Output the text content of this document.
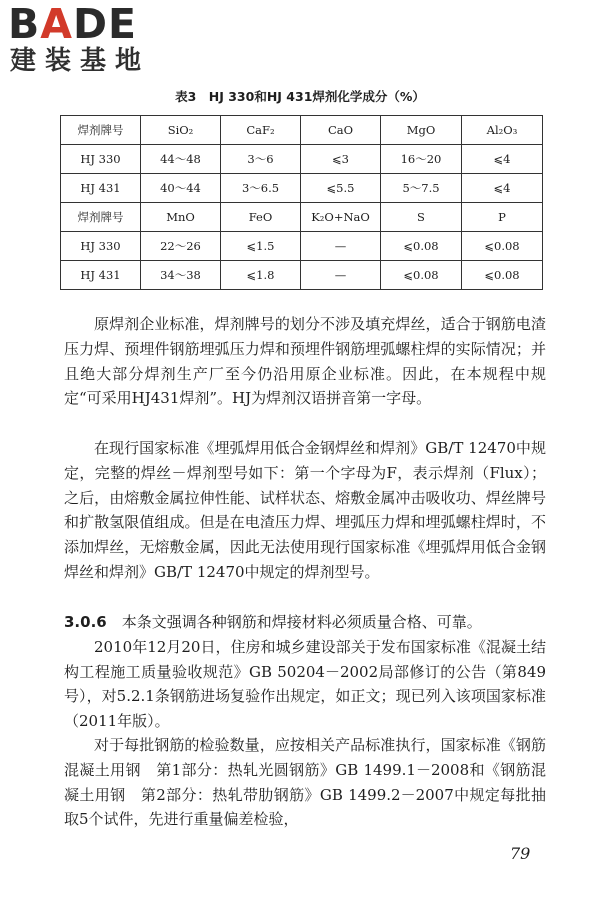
BADE
建装基地
表3　HJ 330和HJ 431焊剂化学成分（%）
焊剂牌号	SiO₂	CaF₂	CaO	MgO	Al₂O₃
HJ 330	44～48	3～6	⩽3	16～20	⩽4
HJ 431	40～44	3～6.5	⩽5.5	5～7.5	⩽4
焊剂牌号	MnO	FeO	K₂O+NaO	S	P
HJ 330	22～26	⩽1.5	—	⩽0.08	⩽0.08
HJ 431	34～38	⩽1.8	—	⩽0.08	⩽0.08

原焊剂企业标准，焊剂牌号的划分不涉及填充焊丝，适合于钢筋电渣压力焊、预埋件钢筋埋弧压力焊和预埋件钢筋埋弧螺柱焊的实际情况；并且绝大部分焊剂生产厂至今仍沿用原企业标准。因此，在本规程中规定“可采用HJ431焊剂”。HJ为焊剂汉语拼音第一字母。

在现行国家标准《埋弧焊用低合金钢焊丝和焊剂》GB/T 12470中规定，完整的焊丝－焊剂型号如下：第一个字母为F，表示焊剂（Flux）；之后，由熔敷金属拉伸性能、试样状态、熔敷金属冲击吸收功、焊丝牌号和扩散氢限值组成。但是在电渣压力焊、埋弧压力焊和埋弧螺柱焊时，不添加焊丝，无熔敷金属，因此无法使用现行国家标准《埋弧焊用低合金钢焊丝和焊剂》GB/T 12470中规定的焊剂型号。

3.0.6　 本条文强调各种钢筋和焊接材料必须质量合格、可靠。
2010年12月20日，住房和城乡建设部关于发布国家标准《混凝土结构工程施工质量验收规范》GB 50204－2002局部修订的公告（第849号），对5.2.1条钢筋进场复验作出规定，如正文；现已列入该项国家标准（2011年版）。

对于每批钢筋的检验数量，应按相关产品标准执行，国家标准《钢筋混凝土用钢　第1部分：热轧光圆钢筋》GB 1499.1－2008和《钢筋混凝土用钢　第2部分：热轧带肋钢筋》GB 1499.2－2007中规定每批抽取5个试件，先进行重量偏差检验，

79
